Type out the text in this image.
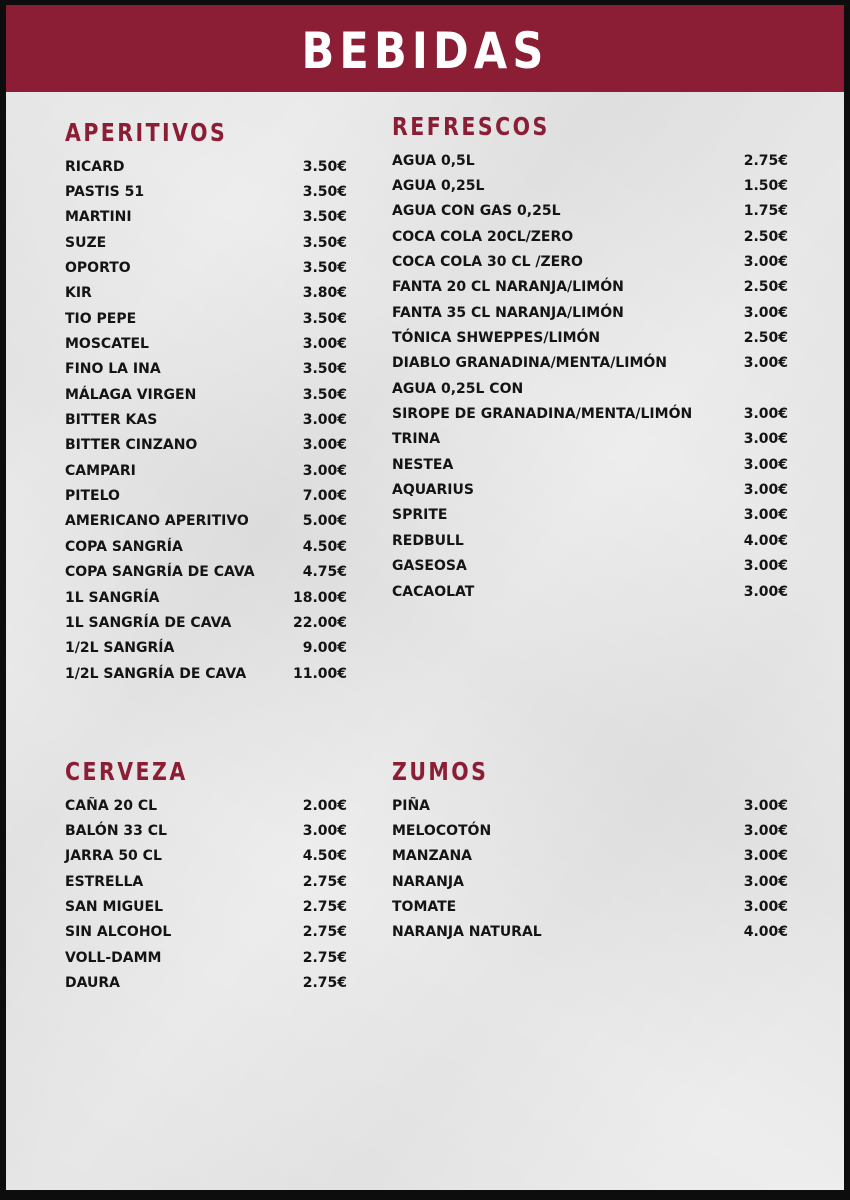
BEBIDAS
APERITIVOS
RICARD	3.50€
PASTIS 51	3.50€
MARTINI	3.50€
SUZE	3.50€
OPORTO	3.50€
KIR	3.80€
TIO PEPE	3.50€
MOSCATEL	3.00€
FINO LA INA	3.50€
MÁLAGA VIRGEN	3.50€
BITTER KAS	3.00€
BITTER CINZANO	3.00€
CAMPARI	3.00€
PITELO	7.00€
AMERICANO APERITIVO	5.00€
COPA SANGRÍA	4.50€
COPA SANGRÍA DE CAVA	4.75€
1L SANGRÍA	18.00€
1L SANGRÍA DE CAVA	22.00€
1/2L SANGRÍA	9.00€
1/2L SANGRÍA DE CAVA	11.00€
REFRESCOS
AGUA 0,5L	2.75€
AGUA 0,25L	1.50€
AGUA CON GAS 0,25L	1.75€
COCA COLA 20CL/ZERO	2.50€
COCA COLA 30 CL /ZERO	3.00€
FANTA 20 CL NARANJA/LIMÓN	2.50€
FANTA 35 CL NARANJA/LIMÓN	3.00€
TÓNICA SHWEPPES/LIMÓN	2.50€
DIABLO GRANADINA/MENTA/LIMÓN	3.00€
AGUA 0,25L CON
SIROPE DE GRANADINA/MENTA/LIMÓN	3.00€
TRINA	3.00€
NESTEA	3.00€
AQUARIUS	3.00€
SPRITE	3.00€
REDBULL	4.00€
GASEOSA	3.00€
CACAOLAT	3.00€
CERVEZA
CAÑA 20 CL	2.00€
BALÓN 33 CL	3.00€
JARRA 50 CL	4.50€
ESTRELLA	2.75€
SAN MIGUEL	2.75€
SIN ALCOHOL	2.75€
VOLL-DAMM	2.75€
DAURA	2.75€
ZUMOS
PIÑA	3.00€
MELOCOTÓN	3.00€
MANZANA	3.00€
NARANJA	3.00€
TOMATE	3.00€
NARANJA NATURAL	4.00€
